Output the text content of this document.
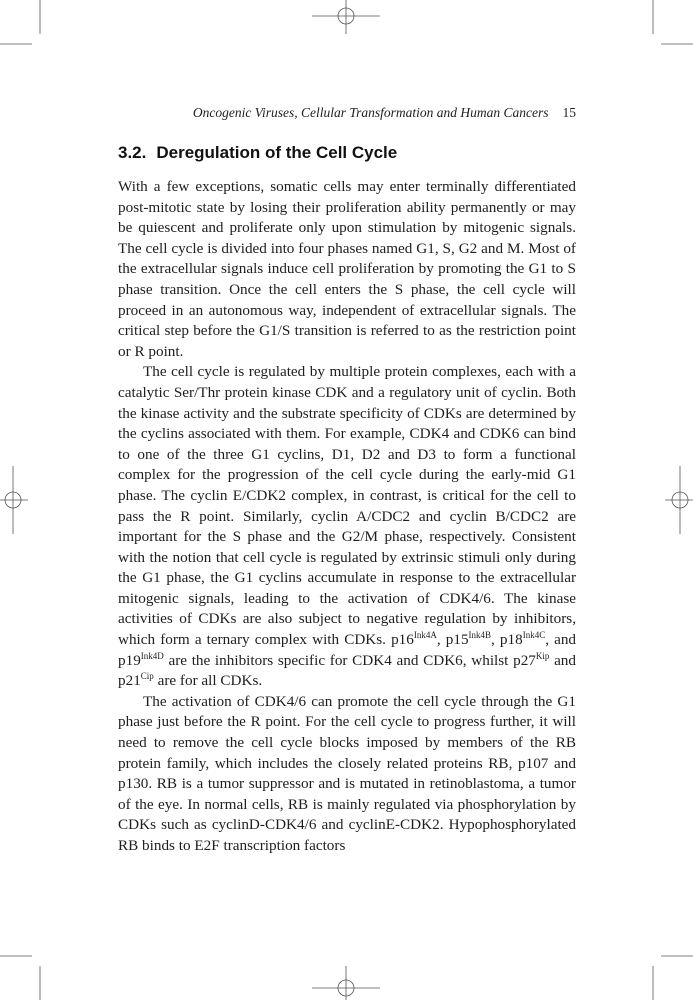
Oncogenic Viruses, Cellular Transformation and Human Cancers 15
3.2. Deregulation of the Cell Cycle

With a few exceptions, somatic cells may enter terminally differentiated post-mitotic state by losing their proliferation ability permanently or may be quiescent and proliferate only upon stimulation by mitogenic signals. The cell cycle is divided into four phases named G1, S, G2 and M. Most of the extracellular signals induce cell proliferation by promoting the G1 to S phase transition. Once the cell enters the S phase, the cell cycle will proceed in an autonomous way, independent of extracellular signals. The critical step before the G1/S transition is referred to as the restriction point or R point.

The cell cycle is regulated by multiple protein complexes, each with a catalytic Ser/Thr protein kinase CDK and a regulatory unit of cyclin. Both the kinase activity and the substrate specificity of CDKs are determined by the cyclins associated with them. For example, CDK4 and CDK6 can bind to one of the three G1 cyclins, D1, D2 and D3 to form a functional complex for the progression of the cell cycle during the early-mid G1 phase. The cyclin E/CDK2 complex, in contrast, is critical for the cell to pass the R point. Similarly, cyclin A/CDC2 and cyclin B/CDC2 are important for the S phase and the G2/M phase, respectively. Consistent with the notion that cell cycle is regulated by extrinsic stimuli only during the G1 phase, the G1 cyclins accumulate in response to the extracellular mitogenic signals, leading to the activation of CDK4/6. The kinase activities of CDKs are also subject to negative regulation by inhibitors, which form a ternary complex with CDKs. $p16^{Ink4A}$, $p15^{Ink4B}$, $p18^{Ink4C}$, and $p19^{Ink4D}$ are the inhibitors specific for CDK4 and CDK6, whilst $p27^{Kip}$ and $p21^{Cip}$ are for all CDKs.

The activation of CDK4/6 can promote the cell cycle through the G1 phase just before the R point. For the cell cycle to progress further, it will need to remove the cell cycle blocks imposed by members of the RB protein family, which includes the closely related proteins RB, p107 and p130. RB is a tumor suppressor and is mutated in retinoblastoma, a tumor of the eye. In normal cells, RB is mainly regulated via phosphorylation by CDKs such as cyclinD-CDK4/6 and cyclinE-CDK2. Hypophosphorylated RB binds to E2F transcription factors
